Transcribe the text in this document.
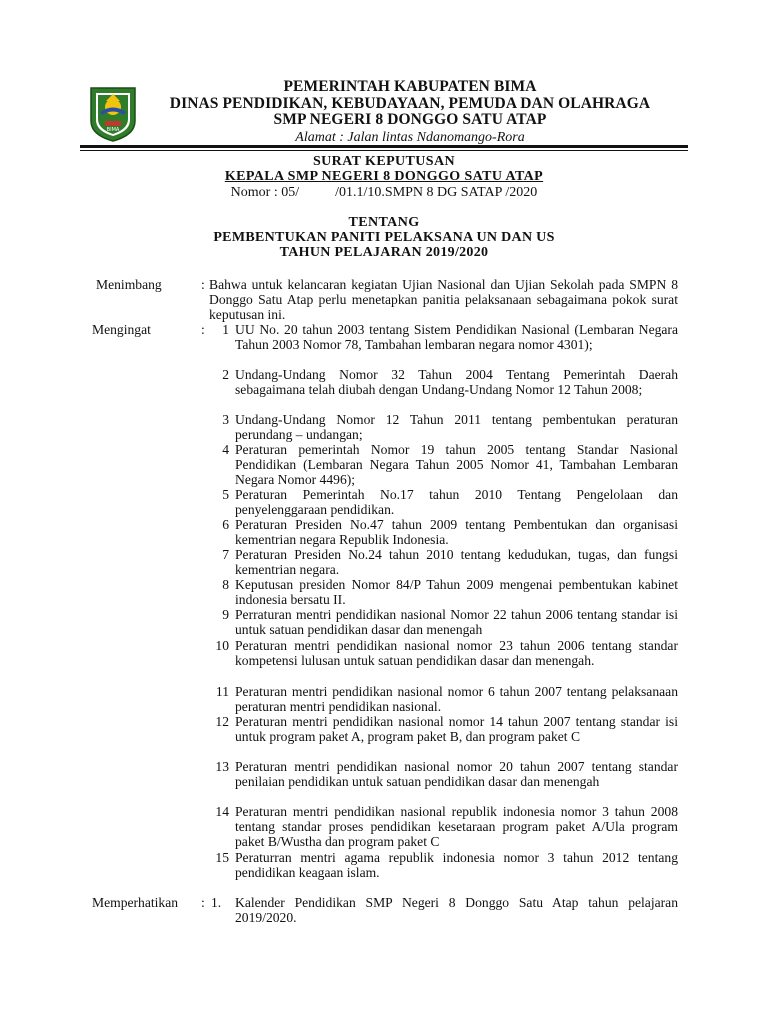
BIMA
PEMERINTAH KABUPATEN BIMA
DINAS PENDIDIKAN, KEBUDAYAAN, PEMUDA DAN OLAHRAGA
SMP NEGERI 8 DONGGO SATU ATAP
Alamat : Jalan lintas Ndanomango-Rora
SURAT KEPUTUSAN
KEPALA SMP NEGERI 8 DONGGO SATU ATAP
Nomor : 05/	/01.1/10.SMPN 8 DG SATAP /2020
TENTANG
PEMBENTUKAN PANITI PELAKSANA UN DAN US
TAHUN PELAJARAN 2019/2020
Menimbang	: Bahwa untuk kelancaran kegiatan Ujian Nasional dan Ujian Sekolah pada SMPN 8 Donggo Satu Atap perlu menetapkan panitia pelaksanaan sebagaimana pokok surat keputusan ini.
Mengingat	:	1 UU No. 20 tahun 2003 tentang Sistem Pendidikan Nasional (Lembaran Negara Tahun 2003 Nomor 78, Tambahan lembaran negara nomor 4301);
2 Undang-Undang Nomor 32 Tahun 2004 Tentang Pemerintah Daerah sebagaimana telah diubah dengan Undang-Undang Nomor 12 Tahun 2008;
3 Undang-Undang Nomor 12 Tahun 2011 tentang pembentukan peraturan perundang – undangan;
4 Peraturan pemerintah Nomor 19 tahun 2005 tentang Standar Nasional Pendidikan (Lembaran Negara Tahun 2005 Nomor 41, Tambahan Lembaran Negara Nomor 4496);
5 Peraturan Pemerintah No.17 tahun 2010 Tentang Pengelolaan dan penyelenggaraan pendidikan.
6 Peraturan Presiden No.47 tahun 2009 tentang Pembentukan dan organisasi kementrian negara Republik Indonesia.
7 Peraturan Presiden No.24 tahun 2010 tentang kedudukan, tugas, dan fungsi kementrian negara.
8 Keputusan presiden Nomor 84/P Tahun 2009 mengenai pembentukan kabinet indonesia bersatu II.
9 Perraturan mentri pendidikan nasional Nomor 22 tahun 2006 tentang standar isi untuk satuan pendidikan dasar dan menengah
10 Peraturan mentri pendidikan nasional nomor 23 tahun 2006 tentang standar kompetensi lulusan untuk satuan pendidikan dasar dan menengah.
11 Peraturan mentri pendidikan nasional nomor 6 tahun 2007 tentang pelaksanaan peraturan mentri pendidikan nasional.
12 Peraturan mentri pendidikan nasional nomor 14 tahun 2007 tentang standar isi untuk program paket A, program paket B, dan program paket C
13 Peraturan mentri pendidikan nasional nomor 20 tahun 2007 tentang standar penilaian pendidikan untuk satuan pendidikan dasar dan menengah
14 Peraturan mentri pendidikan nasional republik indonesia nomor 3 tahun 2008 tentang standar proses pendidikan kesetaraan program paket A/Ula program paket B/Wustha dan program paket C
15 Peraturran mentri agama republik indonesia nomor 3 tahun 2012 tentang pendidikan keagaan islam.
Memperhatikan : 1.	Kalender Pendidikan SMP Negeri 8 Donggo Satu Atap tahun pelajaran 2019/2020.
